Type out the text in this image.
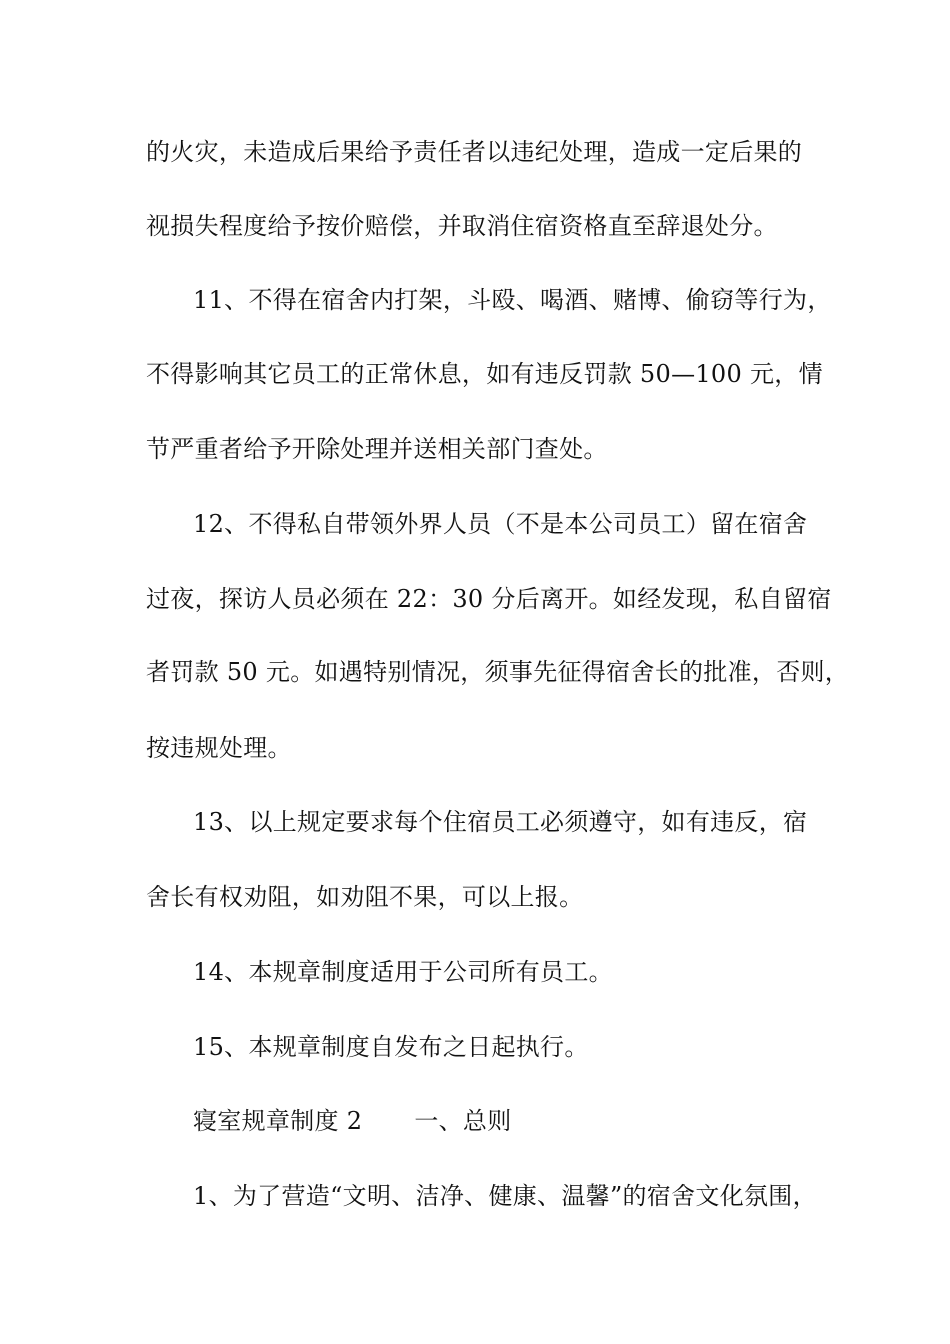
的火灾，未造成后果给予责任者以违纪处理，造成一定后果的
视损失程度给予按价赔偿，并取消住宿资格直至辞退处分。
11、不得在宿舍内打架，斗殴、喝酒、赌博、偷窃等行为，
不得影响其它员工的正常休息，如有违反罚款 50—100 元，情
节严重者给予开除处理并送相关部门查处。
12、不得私自带领外界人员（不是本公司员工）留在宿舍
过夜，探访人员必须在 22：30 分后离开。如经发现，私自留宿
者罚款 50 元。如遇特别情况，须事先征得宿舍长的批准，否则，
按违规处理。
13、以上规定要求每个住宿员工必须遵守，如有违反，宿
舍长有权劝阻，如劝阻不果，可以上报。
14、本规章制度适用于公司所有员工。
15、本规章制度自发布之日起执行。
寝室规章制度 2 一、总则
1、为了营造“文明、洁净、健康、温馨”的宿舍文化氛围，
